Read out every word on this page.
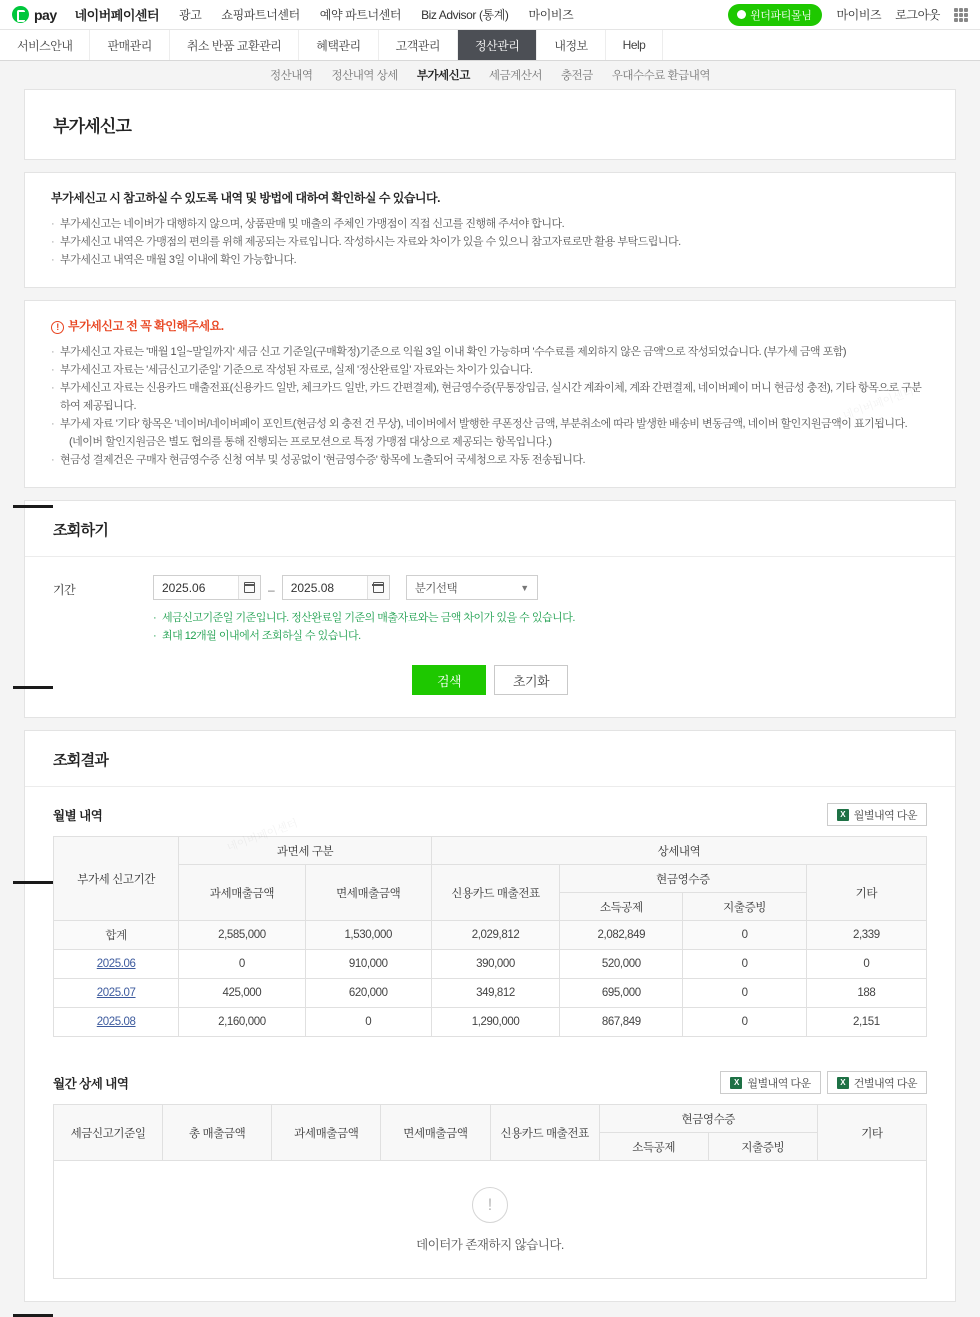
pay 네이버페이센터 광고 쇼핑파트너센터 예약 파트너센터 Biz Advisor (통계) 마이비즈	윈더파티몰님 마이비즈 로그아웃
서비스안내	판매관리	취소 반품 교환관리	혜택관리	고객관리	정산관리	내정보	Help
정산내역 정산내역 상세 부가세신고 세금계산서 충전금 우대수수료 환급내역
부가세신고
부가세신고 시 참고하실 수 있도록 내역 및 방법에 대하여 확인하실 수 있습니다.
· 부가세신고는 네이버가 대행하지 않으며, 상품판매 및 매출의 주체인 가맹점이 직접 신고를 진행해 주셔야 합니다.
· 부가세신고 내역은 가맹점의 편의를 위해 제공되는 자료입니다. 작성하시는 자료와 차이가 있을 수 있으니 참고자료로만 활용 부탁드립니다.
· 부가세신고 내역은 매월 3일 이내에 확인 가능합니다.
네이버페이센터
! 부가세신고 전 꼭 확인해주세요.
· 부가세신고 자료는 '매월 1일~말일까지' 세금 신고 기준일(구매확정)기준으로 익월 3일 이내 확인 가능하며 '수수료를 제외하지 않은 금액'으로 작성되었습니다. (부가세 금액 포함)
· 부가세신고 자료는 '세금신고기준일' 기준으로 작성된 자료로, 실제 '정산완료일' 자료와는 차이가 있습니다.
· 부가세신고 자료는 신용카드 매출전표(신용카드 일반, 체크카드 일반, 카드 간편결제), 현금영수증(무통장입금, 실시간 계좌이체, 계좌 간편결제, 네이버페이 머니 현금성 충전), 기타 항목으로 구분하여 제공됩니다.
· 부가세 자료 '기타' 항목은 '네이버/네이버페이 포인트(현금성 외 충전 건 무상), 네이버에서 발행한 쿠폰정산 금액, 부분취소에 따라 발생한 배송비 변동금액, 네이버 할인지원금액이 표기됩니다.
(네이버 할인지원금은 별도 협의를 통해 진행되는 프로모션으로 특정 가맹점 대상으로 제공되는 항목입니다.)
· 현금성 결제건은 구매자 현금영수증 신청 여부 및 성공없이 '현금영수증' 항목에 노출되어 국세청으로 자동 전송됩니다.
조회하기
기간	2025.06	– 2025.08	분기선택	▼
· 세금신고기준일 기준입니다. 정산완료일 기준의 매출자료와는 금액 차이가 있을 수 있습니다.
· 최대 12개월 이내에서 조회하실 수 있습니다.
검색	초기화
조회결과
월별 내역	X 월별내역 다운
부가세 신고기간	과면세 구분		상세내역			
	과세매출금액	면세매출금액	신용카드 매출전표	현금영수증		기타
				소득공제	지출증빙	
합계	2,585,000	1,530,000	2,029,812	2,082,849	0	2,339
2025.06	0	910,000	390,000	520,000	0	0
2025.07	425,000	620,000	349,812	695,000	0	188
2025.08	2,160,000	0	1,290,000	867,849	0	2,151
월간 상세 내역	X 월별내역 다운	X 건별내역 다운
세금신고기준일	총 매출금액	과세매출금액	면세매출금액	신용카드 매출전표	현금영수증		기타
					소득공제	지출증빙	
!
데이터가 존재하지 않습니다.
